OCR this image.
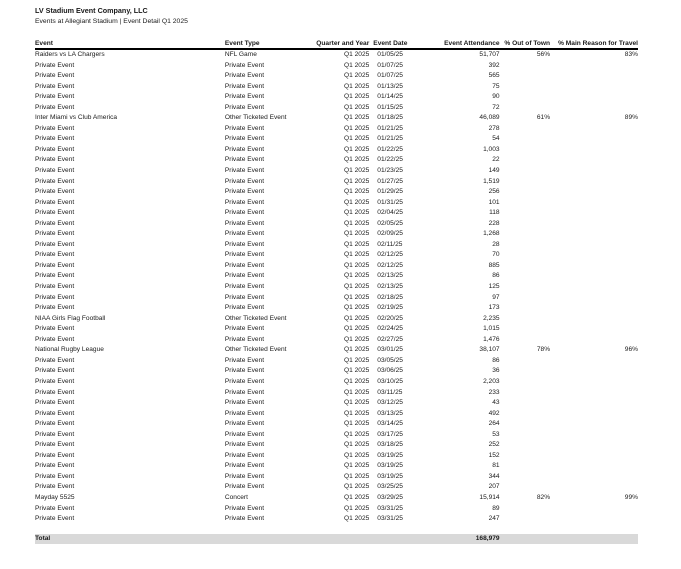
LV Stadium Event Company, LLC
Events at Allegiant Stadium | Event Detail Q1 2025
Event	Event Type	Quarter and Year	Event Date	Event Attendance	% Out of Town	% Main Reason for Travel
Raiders vs LA Chargers	NFL Game	Q1 2025	01/05/25	51,707	56%	83%
Private Event	Private Event	Q1 2025	01/07/25	392		
Private Event	Private Event	Q1 2025	01/07/25	565		
Private Event	Private Event	Q1 2025	01/13/25	75		
Private Event	Private Event	Q1 2025	01/14/25	90		
Private Event	Private Event	Q1 2025	01/15/25	72		
Inter Miami vs Club America	Other Ticketed Event	Q1 2025	01/18/25	46,089	61%	89%
Private Event	Private Event	Q1 2025	01/21/25	278		
Private Event	Private Event	Q1 2025	01/21/25	54		
Private Event	Private Event	Q1 2025	01/22/25	1,003		
Private Event	Private Event	Q1 2025	01/22/25	22		
Private Event	Private Event	Q1 2025	01/23/25	149		
Private Event	Private Event	Q1 2025	01/27/25	1,519		
Private Event	Private Event	Q1 2025	01/29/25	256		
Private Event	Private Event	Q1 2025	01/31/25	101		
Private Event	Private Event	Q1 2025	02/04/25	118		
Private Event	Private Event	Q1 2025	02/05/25	228		
Private Event	Private Event	Q1 2025	02/09/25	1,268		
Private Event	Private Event	Q1 2025	02/11/25	28		
Private Event	Private Event	Q1 2025	02/12/25	70		
Private Event	Private Event	Q1 2025	02/12/25	885		
Private Event	Private Event	Q1 2025	02/13/25	86		
Private Event	Private Event	Q1 2025	02/13/25	125		
Private Event	Private Event	Q1 2025	02/18/25	97		
Private Event	Private Event	Q1 2025	02/19/25	173		
NIAA Girls Flag Football	Other Ticketed Event	Q1 2025	02/20/25	2,235		
Private Event	Private Event	Q1 2025	02/24/25	1,015		
Private Event	Private Event	Q1 2025	02/27/25	1,476		
National Rugby League	Other Ticketed Event	Q1 2025	03/01/25	38,107	78%	96%
Private Event	Private Event	Q1 2025	03/05/25	86		
Private Event	Private Event	Q1 2025	03/06/25	36		
Private Event	Private Event	Q1 2025	03/10/25	2,203		
Private Event	Private Event	Q1 2025	03/11/25	233		
Private Event	Private Event	Q1 2025	03/12/25	43		
Private Event	Private Event	Q1 2025	03/13/25	492		
Private Event	Private Event	Q1 2025	03/14/25	264		
Private Event	Private Event	Q1 2025	03/17/25	53		
Private Event	Private Event	Q1 2025	03/18/25	252		
Private Event	Private Event	Q1 2025	03/19/25	152		
Private Event	Private Event	Q1 2025	03/19/25	81		
Private Event	Private Event	Q1 2025	03/19/25	344		
Private Event	Private Event	Q1 2025	03/25/25	207		
Mayday 5525	Concert	Q1 2025	03/29/25	15,914	82%	99%
Private Event	Private Event	Q1 2025	03/31/25	89		
Private Event	Private Event	Q1 2025	03/31/25	247		

Total				168,979		
